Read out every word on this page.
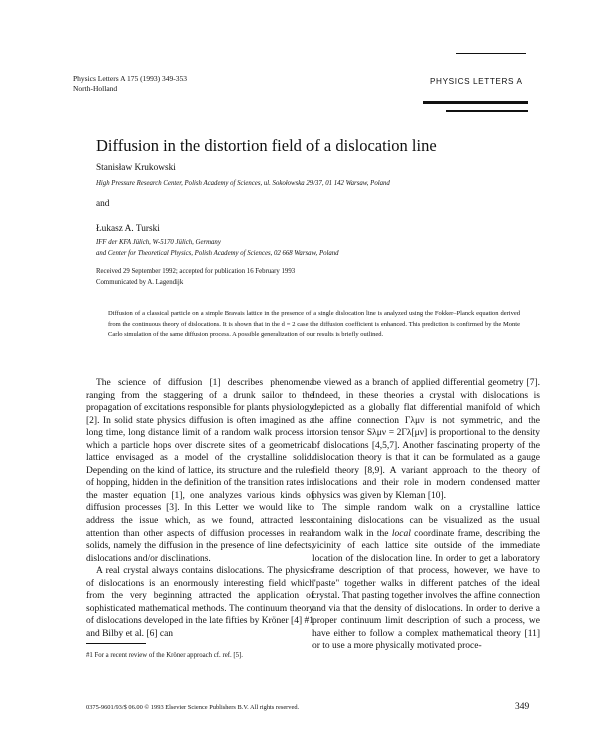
Physics Letters A 175 (1993) 349-353
North-Holland
PHYSICS LETTERS A
Diffusion in the distortion field of a dislocation line
Stanisław Krukowski
High Pressure Research Center, Polish Academy of Sciences, ul. Sokołowska 29/37, 01 142 Warsaw, Poland
and
Łukasz A. Turski
IFF der KFA Jülich, W-5170 Jülich, Germany
and Center for Theoretical Physics, Polish Academy of Sciences, 02 668 Warsaw, Poland
Received 29 September 1992; accepted for publication 16 February 1993
Communicated by A. Lagendijk
Diffusion of a classical particle on a simple Bravais lattice in the presence of a single dislocation line is analyzed using the Fokker–Planck equation derived from the continuous theory of dislocations. It is shown that in the d = 2 case the diffusion coefficient is enhanced. This prediction is confirmed by the Monte Carlo simulation of the same diffusion process. A possible generalization of our results is briefly outlined.

The science of diffusion [1] describes phenomena ranging from the staggering of a drunk sailor to the propagation of excitations responsible for plants physiology [2]. In solid state physics diffusion is often imagined as a long time, long distance limit of a random walk process in which a particle hops over discrete sites of a geometrical lattice envisaged as a model of the crystalline solid. Depending on the kind of lattice, its structure and the rules of hopping, hidden in the definition of the transition rates in the master equation [1], one analyzes various kinds of diffusion processes [3]. In this Letter we would like to address the issue which, as we found, attracted less attention than other aspects of diffusion processes in real solids, namely the diffusion in the presence of line defects, dislocations and/or disclinations.

A real crystal always contains dislocations. The physics of dislocations is an enormously interesting field which from the very beginning attracted the application of sophisticated mathematical methods. The continuum theory of dislocations developed in the late fifties by Kröner [4] #1 and Bilby et al. [6] can

be viewed as a branch of applied differential geometry [7]. Indeed, in these theories a crystal with dislocations is depicted as a globally flat differential manifold of which the affine connection Γλμν is not symmetric, and the torsion tensor Sλμν = 2Γλ[μν] is proportional to the density of dislocations [4,5,7]. Another fascinating property of the dislocation theory is that it can be formulated as a gauge field theory [8,9]. A variant approach to the theory of dislocations and their role in modern condensed matter physics was given by Kleman [10].

The simple random walk on a crystalline lattice containing dislocations can be visualized as the usual random walk in the local coordinate frame, describing the vicinity of each lattice site outside of the immediate location of the dislocation line. In order to get a laboratory frame description of that process, however, we have to "paste" together walks in different patches of the ideal crystal. That pasting together involves the affine connection and via that the density of dislocations. In order to derive a proper continuum limit description of such a process, we have either to follow a complex mathematical theory [11] or to use a more physically motivated proce-

#1 For a recent review of the Kröner approach cf. ref. [5].
0375-9601/93/$ 06.00 © 1993 Elsevier Science Publishers B.V. All rights reserved.	349
